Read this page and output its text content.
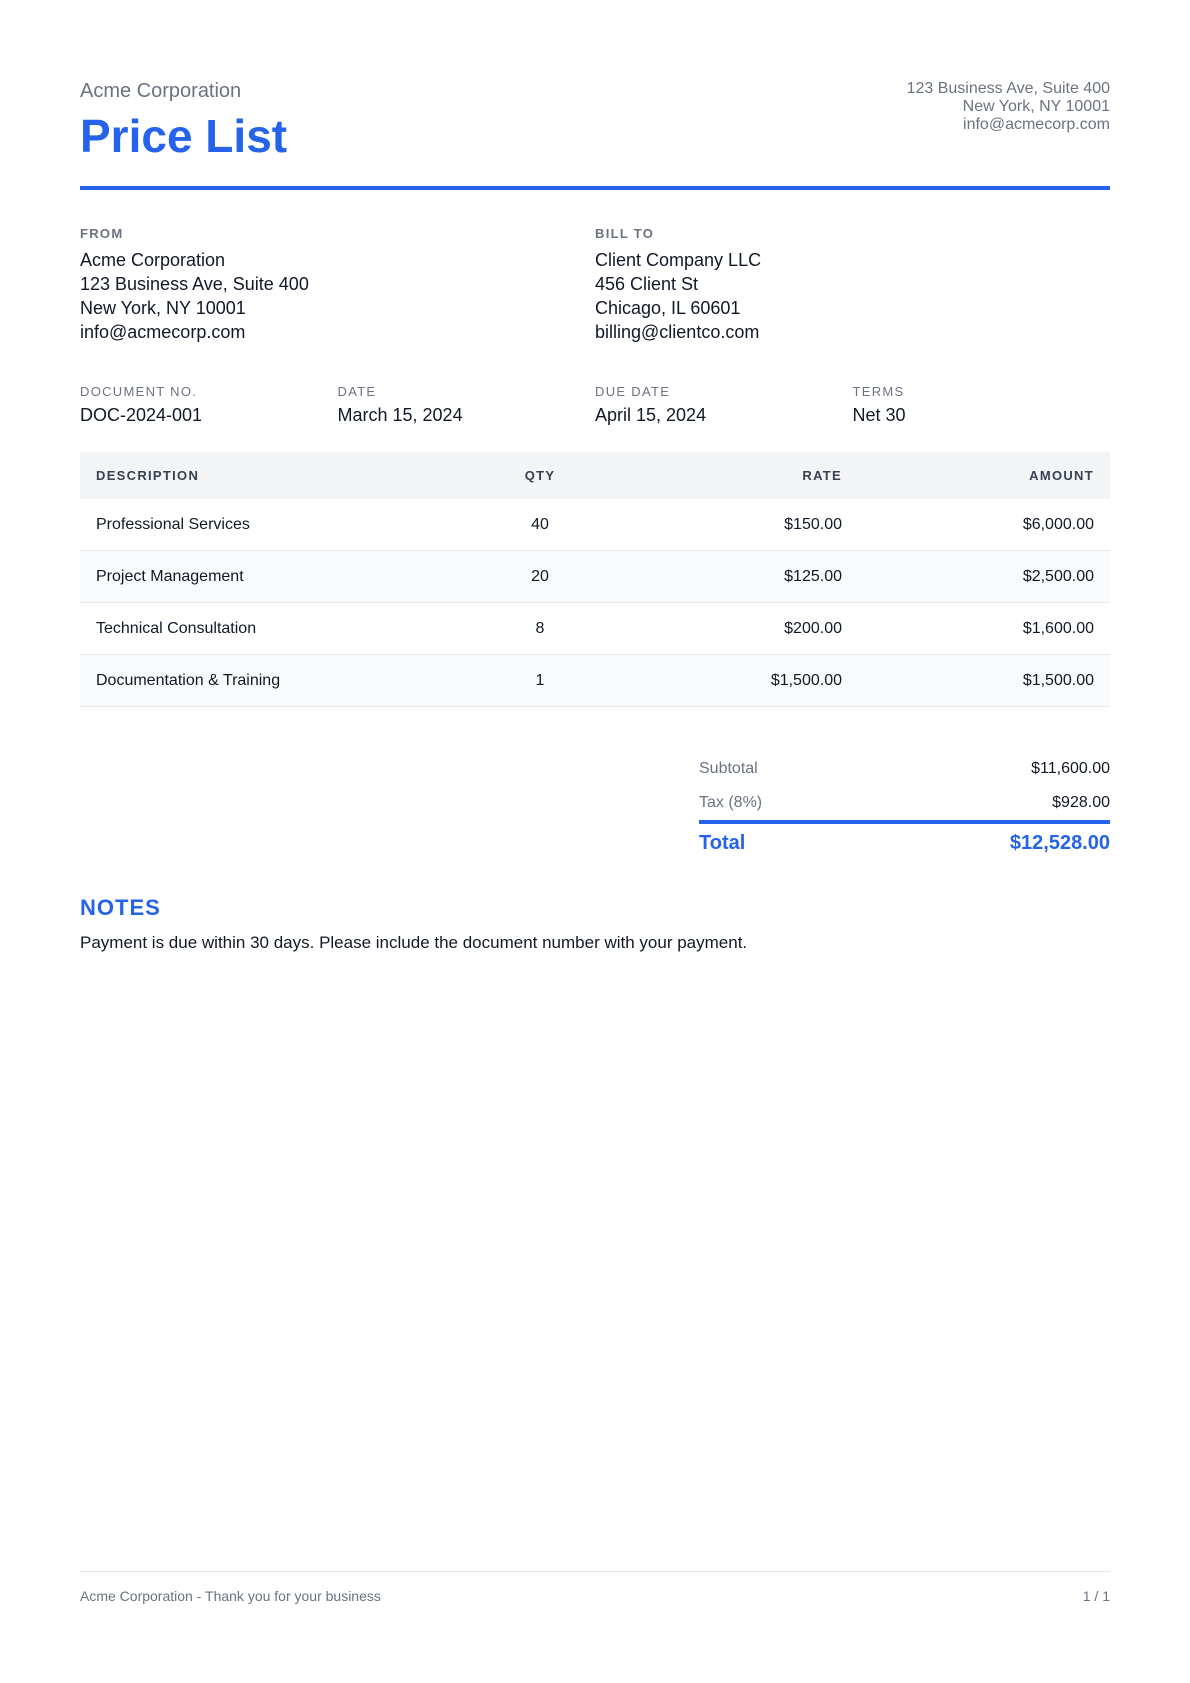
Acme Corporation
Price List
123 Business Ave, Suite 400
New York, NY 10001
info@acmecorp.com
FROM
Acme Corporation
123 Business Ave, Suite 400
New York, NY 10001
info@acmecorp.com
BILL TO
Client Company LLC
456 Client St
Chicago, IL 60601
billing@clientco.com
DOCUMENT NO.
DOC-2024-001
DATE
March 15, 2024
DUE DATE
April 15, 2024
TERMS
Net 30
DESCRIPTION	QTY	RATE	AMOUNT
Professional Services	40	$150.00	$6,000.00
Project Management	20	$125.00	$2,500.00
Technical Consultation	8	$200.00	$1,600.00
Documentation & Training	1	$1,500.00	$1,500.00
Subtotal	$11,600.00
Tax (8%)	$928.00
Total	$12,528.00
NOTES
Payment is due within 30 days. Please include the document number with your payment.
Acme Corporation - Thank you for your business	1 / 1
